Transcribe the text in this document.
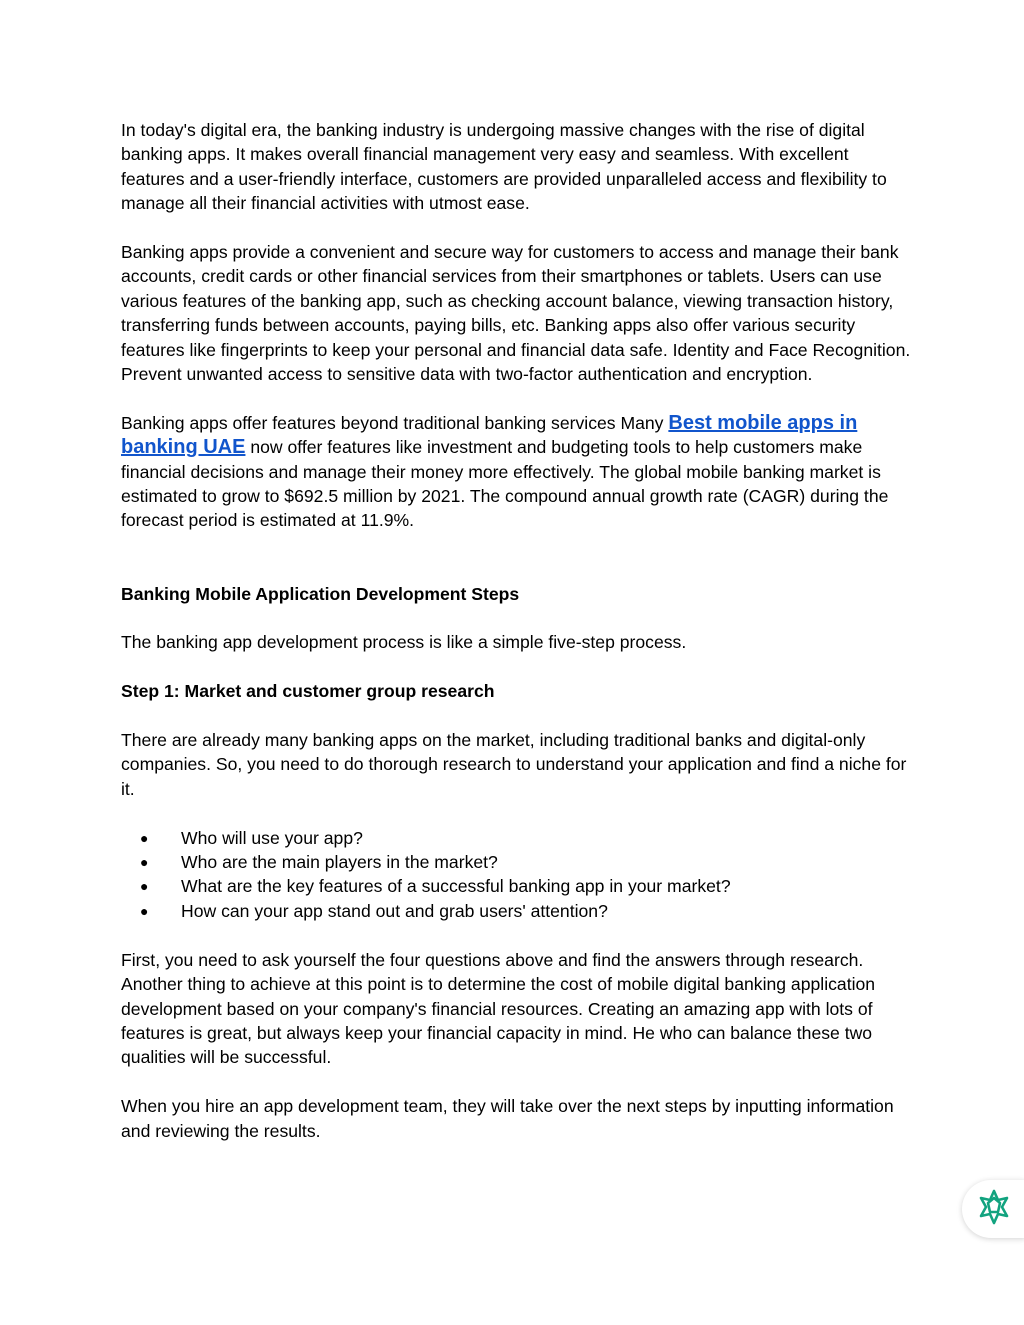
In today's digital era, the banking industry is undergoing massive changes with the rise of digital banking apps. It makes overall financial management very easy and seamless. With excellent features and a user-friendly interface, customers are provided unparalleled access and flexibility to manage all their financial activities with utmost ease.

Banking apps provide a convenient and secure way for customers to access and manage their bank accounts, credit cards or other financial services from their smartphones or tablets. Users can use various features of the banking app, such as checking account balance, viewing transaction history, transferring funds between accounts, paying bills, etc. Banking apps also offer various security features like fingerprints to keep your personal and financial data safe. Identity and Face Recognition. Prevent unwanted access to sensitive data with two-factor authentication and encryption.

Banking apps offer features beyond traditional banking services Many Best mobile apps in banking UAE now offer features like investment and budgeting tools to help customers make financial decisions and manage their money more effectively. The global mobile banking market is estimated to grow to $692.5 million by 2021. The compound annual growth rate (CAGR) during the forecast period is estimated at 11.9%.

Banking Mobile Application Development Steps

The banking app development process is like a simple five-step process.

Step 1: Market and customer group research

There are already many banking apps on the market, including traditional banks and digital-only companies. So, you need to do thorough research to understand your application and find a niche for it.

● Who will use your app?
● Who are the main players in the market?
● What are the key features of a successful banking app in your market?
● How can your app stand out and grab users' attention?

First, you need to ask yourself the four questions above and find the answers through research. Another thing to achieve at this point is to determine the cost of mobile digital banking application development based on your company's financial resources. Creating an amazing app with lots of features is great, but always keep your financial capacity in mind. He who can balance these two qualities will be successful.

When you hire an app development team, they will take over the next steps by inputting information and reviewing the results.
